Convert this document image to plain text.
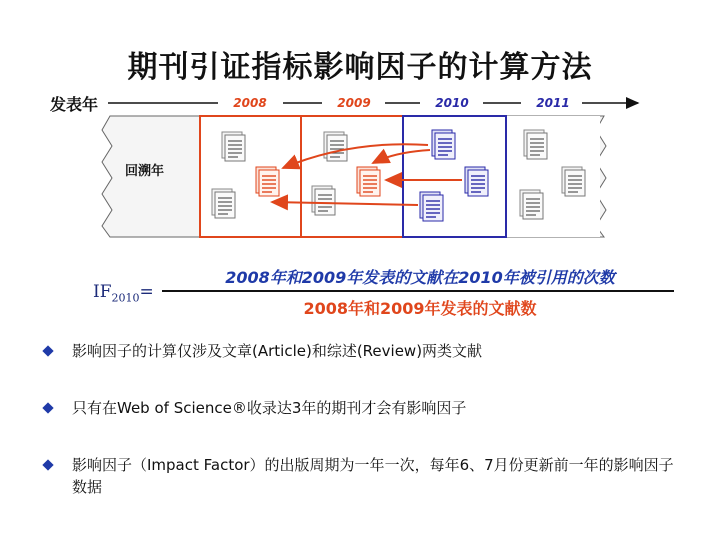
期刊引证指标影响因子的计算方法
发表年	2008	2009	2010	2011
回溯年
$IF_{2010}=$
2008年和2009年发表的文献在2010年被引用的次数
2008年和2009年发表的文献数
影响因子的计算仅涉及文章(Article)和综述(Review)两类文献
只有在Web of Science®收录达3年的期刊才会有影响因子
影响因子（Impact Factor）的出版周期为一年一次，每年6、7月份更新前一年的影响因子数据
